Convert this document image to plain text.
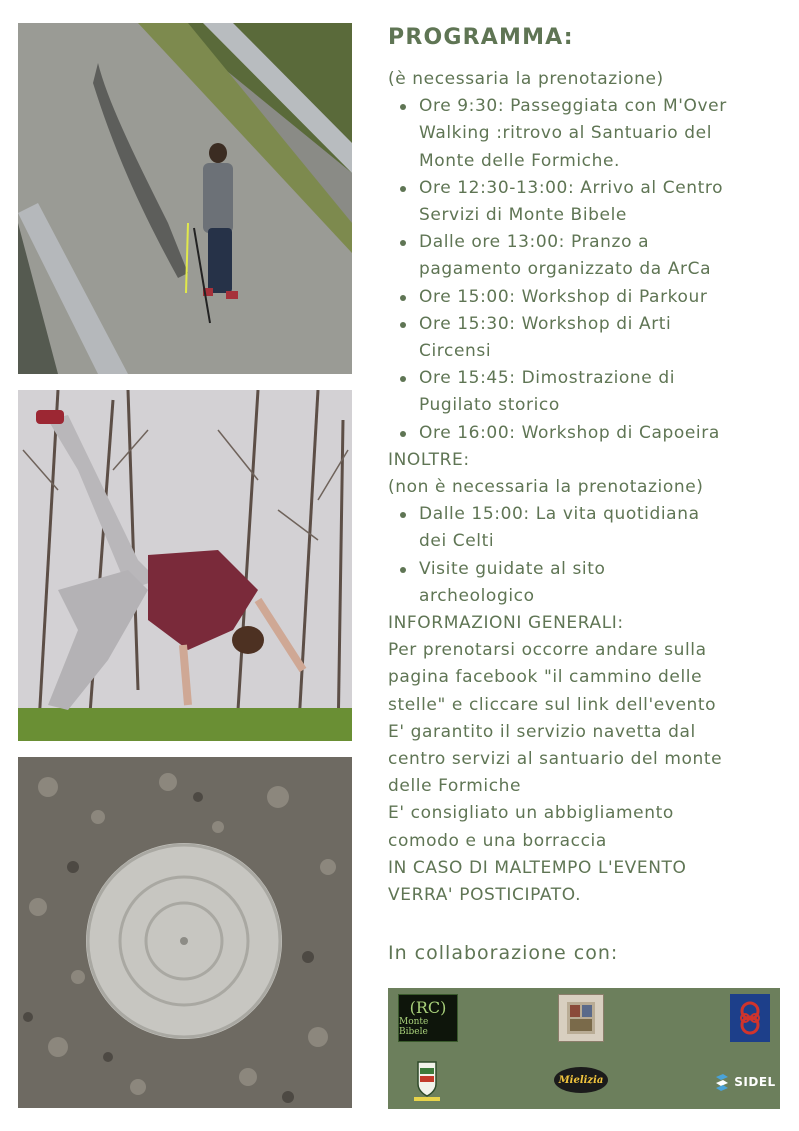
PROGRAMMA:
(è necessaria la prenotazione)
Ore 9:30: Passeggiata con M'Over
Walking :ritrovo al Santuario del
Monte delle Formiche.
Ore 12:30-13:00: Arrivo al Centro
Servizi di Monte Bibele
Dalle ore 13:00: Pranzo a
pagamento organizzato da ArCa
Ore 15:00: Workshop di Parkour
Ore 15:30: Workshop di Arti
Circensi
Ore 15:45: Dimostrazione di
Pugilato storico
Ore 16:00: Workshop di Capoeira
INOLTRE:
(non è necessaria la prenotazione)
Dalle 15:00: La vita quotidiana
dei Celti
Visite guidate al sito
archeologico
INFORMAZIONI GENERALI:
Per prenotarsi occorre andare sulla
pagina facebook "il cammino delle
stelle" e cliccare sul link dell'evento
E' garantito il servizio navetta dal
centro servizi al santuario del monte
delle Formiche
E' consigliato un abbigliamento
comodo e una borraccia
IN CASO DI MALTEMPO L'EVENTO
VERRA' POSTICIPATO.
In collaborazione con:
(RC)
Monte Bibele
Mielizia	SIDEL
